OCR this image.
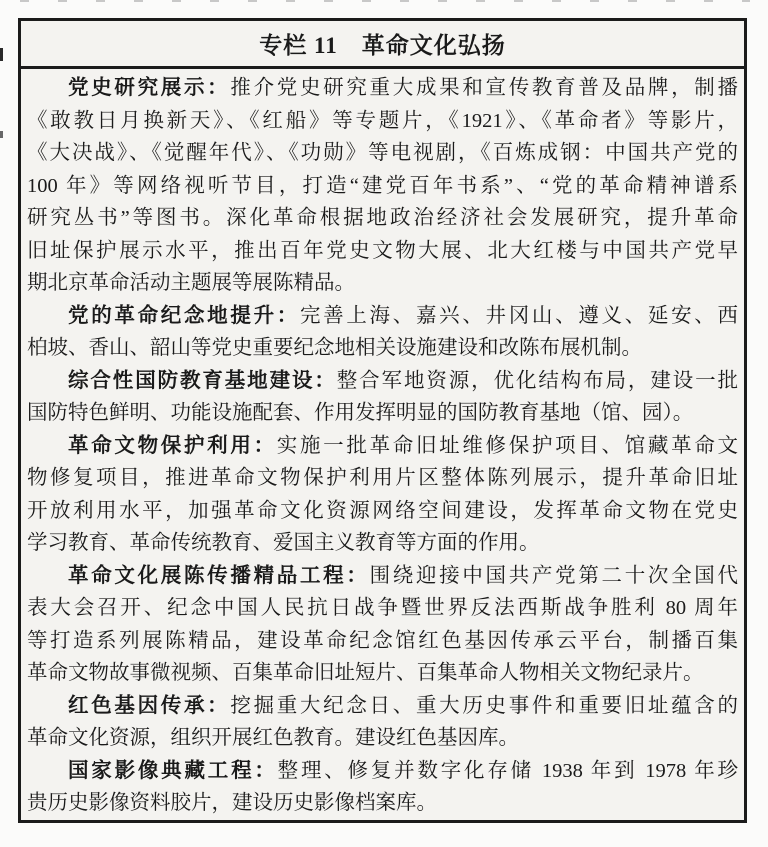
专栏 11　革命文化弘扬
党史研究展示：推介党史研究重大成果和宣传教育普及品牌，制播
《敢教日月换新天》、《红船》等专题片，《1921》、《革命者》等影片，
《大决战》、《觉醒年代》、《功勋》等电视剧，《百炼成钢：中国共产党的
100 年》等网络视听节目，打造“建党百年书系”、“党的革命精神谱系
研究丛书”等图书。深化革命根据地政治经济社会发展研究，提升革命
旧址保护展示水平，推出百年党史文物大展、北大红楼与中国共产党早
期北京革命活动主题展等展陈精品。
党的革命纪念地提升：完善上海、嘉兴、井冈山、遵义、延安、西
柏坡、香山、韶山等党史重要纪念地相关设施建设和改陈布展机制。
综合性国防教育基地建设：整合军地资源，优化结构布局，建设一批
国防特色鲜明、功能设施配套、作用发挥明显的国防教育基地（馆、园）。
革命文物保护利用：实施一批革命旧址维修保护项目、馆藏革命文
物修复项目，推进革命文物保护利用片区整体陈列展示，提升革命旧址
开放利用水平，加强革命文化资源网络空间建设，发挥革命文物在党史
学习教育、革命传统教育、爱国主义教育等方面的作用。
革命文化展陈传播精品工程：围绕迎接中国共产党第二十次全国代
表大会召开、纪念中国人民抗日战争暨世界反法西斯战争胜利 80 周年
等打造系列展陈精品，建设革命纪念馆红色基因传承云平台，制播百集
革命文物故事微视频、百集革命旧址短片、百集革命人物相关文物纪录片。
红色基因传承：挖掘重大纪念日、重大历史事件和重要旧址蕴含的
革命文化资源，组织开展红色教育。建设红色基因库。
国家影像典藏工程：整理、修复并数字化存储 1938 年到 1978 年珍
贵历史影像资料胶片，建设历史影像档案库。
